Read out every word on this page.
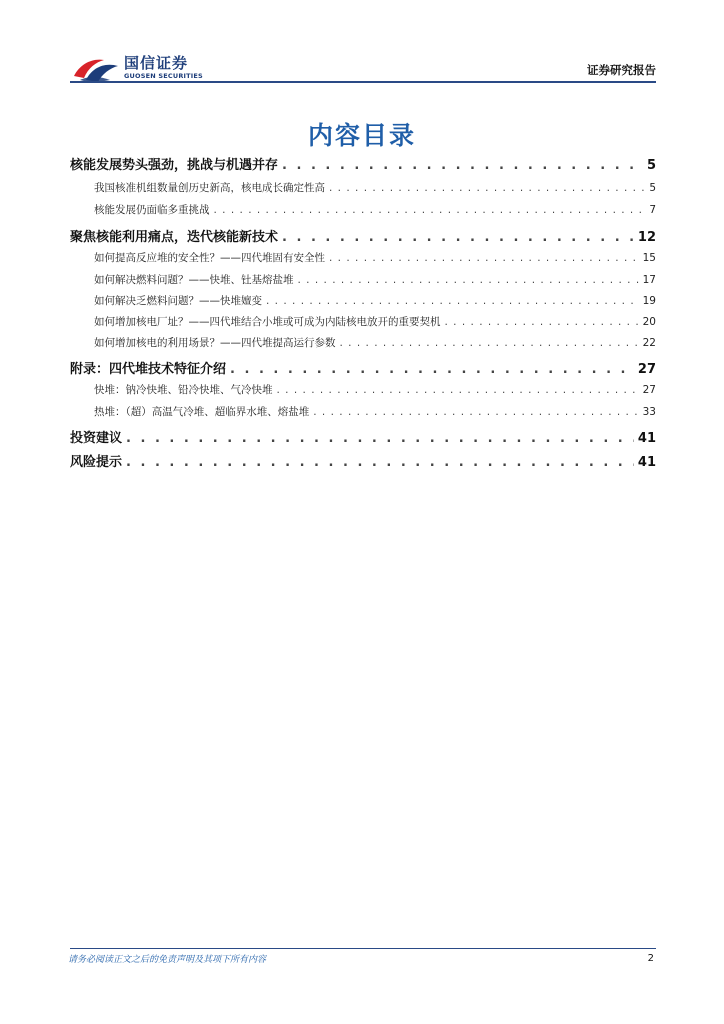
国信证券
GUOSEN SECURITIES	证券研究报告
内容目录
核能发展势头强劲，挑战与机遇并存 . . .	5
我国核准机组数量创历史新高，核电成长确定性高 . . .	5
核能发展仍面临多重挑战 . . .	7
聚焦核能利用痛点，迭代核能新技术 . . .	12
如何提高反应堆的安全性？——四代堆固有安全性 . . .	15
如何解决燃料问题？——快堆、钍基熔盐堆 . . .	17
如何解决乏燃料问题？——快堆嬗变 . . .	19
如何增加核电厂址？——四代堆结合小堆或可成为内陆核电放开的重要契机 . . .	20
如何增加核电的利用场景？——四代堆提高运行参数 . . .	22
附录：四代堆技术特征介绍 . . .	27
快堆：钠冷快堆、铅冷快堆、气冷快堆 . . .	27
热堆：（超）高温气冷堆、超临界水堆、熔盐堆 . . .	33
投资建议 . . .	41
风险提示 . . .	41
请务必阅读正文之后的免责声明及其项下所有内容	2
